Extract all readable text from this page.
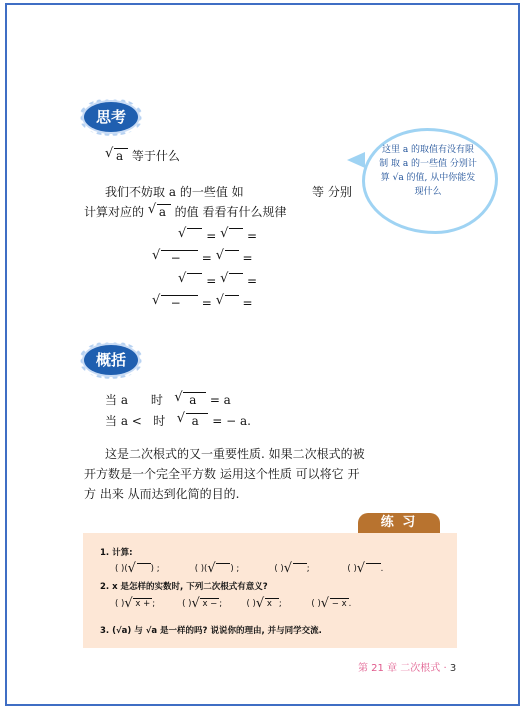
思考
√ a 等于什么
我们不妨取 a 的一些值 如	等 分别
计算对应的 √ a 的值 看看有什么规律
√ = √ =
√ − = √ =
√ = √ =
√ − = √ =
这里 a 的取值有没有限制 取 a 的一些值 分别计算 √a 的值, 从中你能发现什么
概括
当 a 时 √ a = a
当 a < 时 √ a = − a.
这是二次根式的又一重要性质. 如果二次根式的被
开方数是一个完全平方数 运用这个性质 可以将它 开
方 出来 从而达到化简的目的.
练 习
1. 计算:
( )( √ ) ;             ( )( √ ) ;             ( ) √ ;              ( ) √ .
2. x 是怎样的实数时, 下列二次根式有意义?
( ) √ x + ;          ( ) √ x − ;         ( ) √ x ;           ( ) √ − x .
3. (√a) 与 √a 是一样的吗? 说说你的理由, 并与同学交流.
第 21 章 二次根式 · 3
